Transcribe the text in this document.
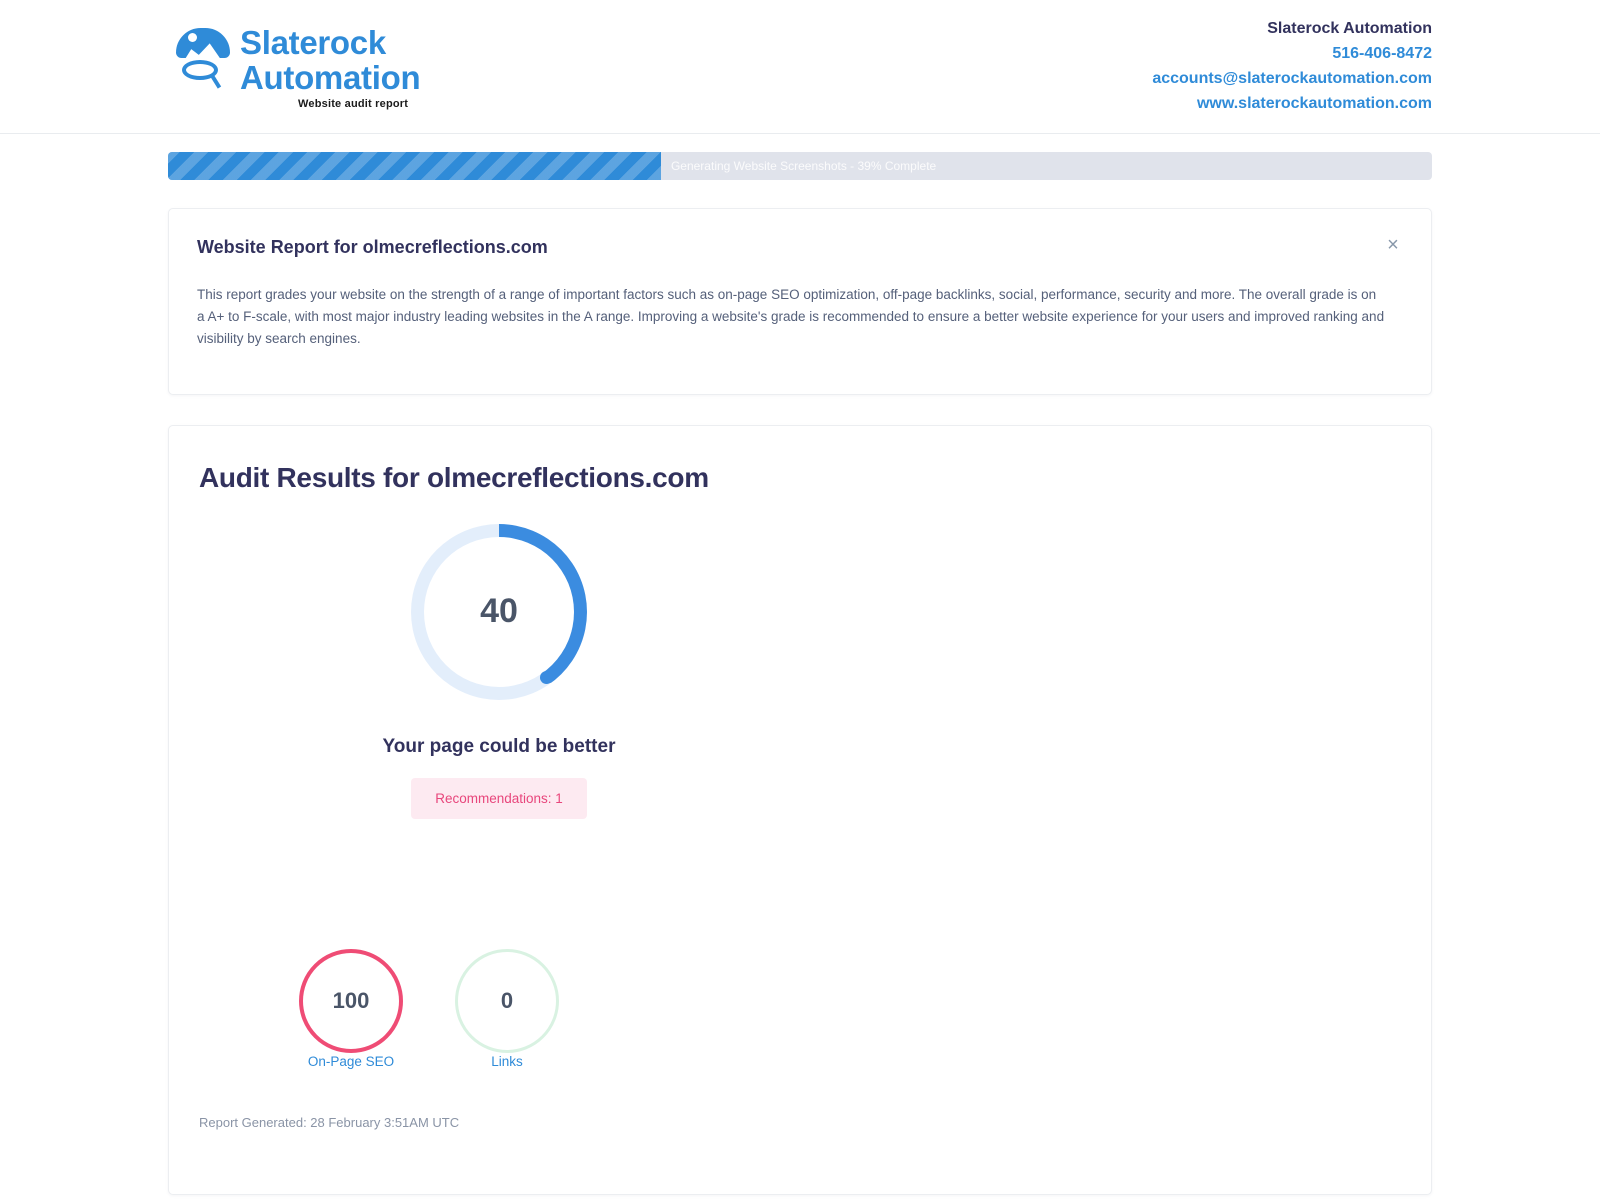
Slaterock
Automation
Website audit report
Slaterock Automation
516-406-8472
accounts@slaterockautomation.com
www.slaterockautomation.com
Generating Website Screenshots - 39% Complete
Website Report for olmecreflections.com	×

This report grades your website on the strength of a range of important factors such as on-page SEO optimization, off-page backlinks, social, performance, security and more. The overall grade is on a A+ to F-scale, with most major industry leading websites in the A range. Improving a website's grade is recommended to ensure a better website experience for your users and improved ranking and visibility by search engines.

Audit Results for olmecreflections.com
40
Your page could be better
Recommendations: 1
100
On-Page SEO
0
Links
Report Generated: 28 February 3:51AM UTC
